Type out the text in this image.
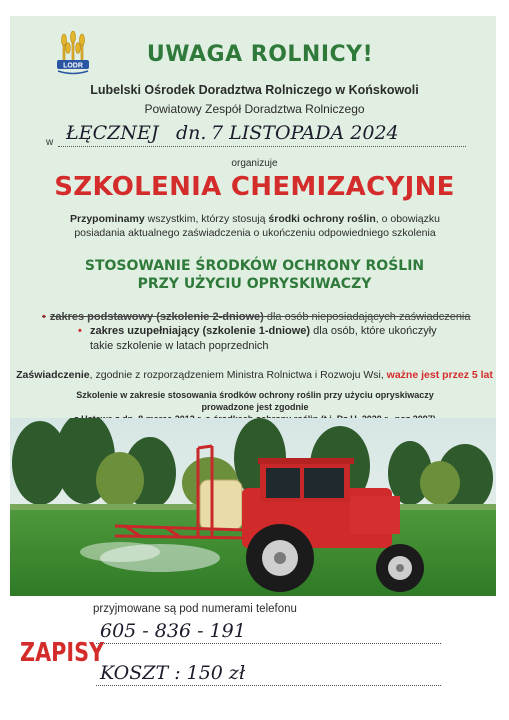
LODR	UWAGA ROLNICY!
Lubelski Ośrodek Doradztwa Rolniczego w Końskowoli
Powiatowy Zespół Doradztwa Rolniczego
w ŁĘCZNEJ dn. 7 LISTOPADA 2024
organizuje
SZKOLENIA CHEMIZACYJNE
Przypominamy wszystkim, którzy stosują środki ochrony roślin, o obowiązku posiadania aktualnego zaświadczenia o ukończeniu odpowiedniego szkolenia
STOSOWANIE ŚRODKÓW OCHRONY ROŚLIN
PRZY UŻYCIU OPRYSKIWACZY
• zakres podstawowy (szkolenie 2-dniowe) dla osób nieposiadających zaświadczenia
• zakres uzupełniający (szkolenie 1-dniowe) dla osób, które ukończyły takie szkolenie w latach poprzednich
Zaświadczenie, zgodnie z rozporządzeniem Ministra Rolnictwa i Rozwoju Wsi, ważne jest przez 5 lat
Szkolenie w zakresie stosowania środków ochrony roślin przy użyciu opryskiwaczy prowadzone jest zgodnie
przyjmowane są pod numerami telefonu
ZAPISY
605 - 836 - 191
KOSZT : 150 zł
